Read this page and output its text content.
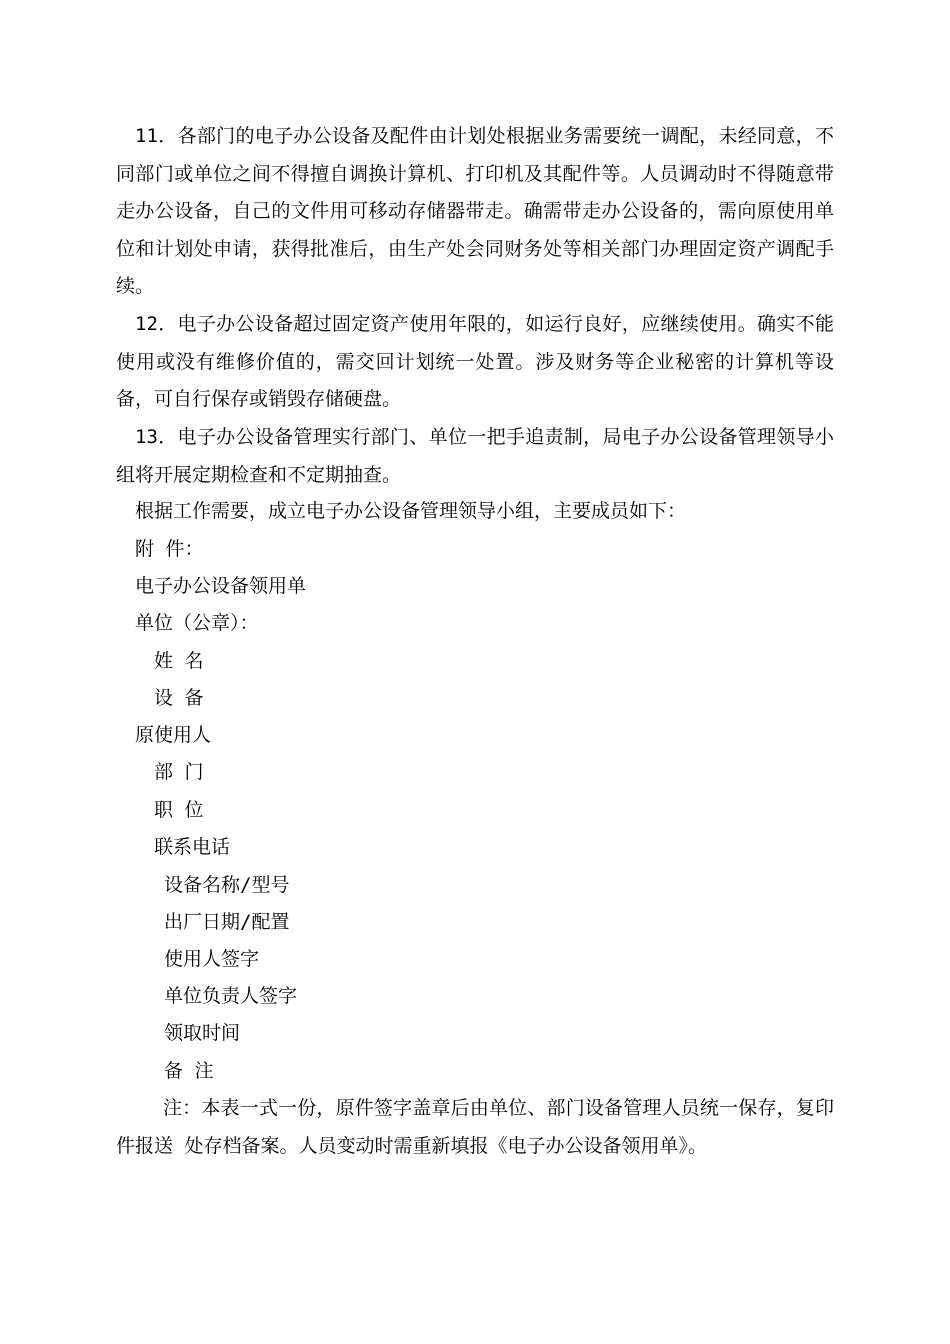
11．各部门的电子办公设备及配件由计划处根据业务需要统一调配，未经同意，不同部门或单位之间不得擅自调换计算机、打印机及其配件等。人员调动时不得随意带走办公设备，自己的文件用可移动存储器带走。确需带走办公设备的，需向原使用单位和计划处申请，获得批准后，由生产处会同财务处等相关部门办理固定资产调配手续。

12．电子办公设备超过固定资产使用年限的，如运行良好，应继续使用。确实不能使用或没有维修价值的，需交回计划统一处置。涉及财务等企业秘密的计算机等设备，可自行保存或销毁存储硬盘。

13．电子办公设备管理实行部门、单位一把手追责制，局电子办公设备管理领导小组将开展定期检查和不定期抽查。

根据工作需要，成立电子办公设备管理领导小组，主要成员如下：

附 件：

电子办公设备领用单

单位（公章）：

姓 名

设 备

原使用人

部 门

职 位

联系电话

设备名称/型号

出厂日期/配置

使用人签字

单位负责人签字

领取时间

备 注

注：本表一式一份，原件签字盖章后由单位、部门设备管理人员统一保存，复印件报送 处存档备案。人员变动时需重新填报《电子办公设备领用单》。
